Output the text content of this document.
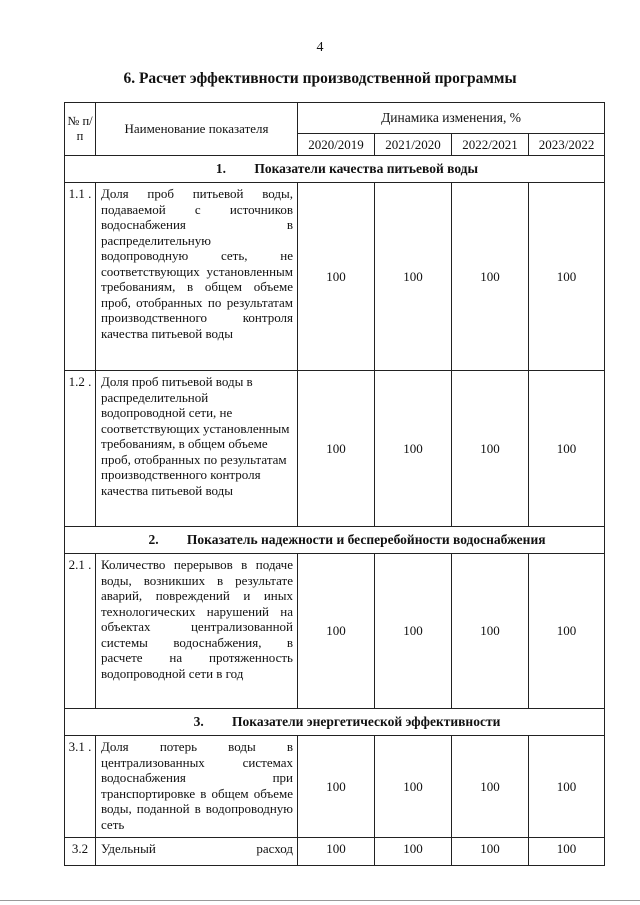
4
6. Расчет эффективности производственной программы
№ п/п	Наименование показателя	Динамика изменения, %			
		2020/2019	2021/2020	2022/2021	2023/2022
1. Показатели качества питьевой воды					
1.1 .	Доля проб питьевой воды, подаваемой с источников водоснабжения в распределительную водопроводную сеть, не соответствующих установленным требованиям, в общем объеме проб, отобранных по результатам производственного контроля качества питьевой воды	100	100	100	100
1.2 .	Доля проб питьевой воды в распределительной водопроводной сети, не соответствующих установленным требованиям, в общем объеме проб, отобранных по результатам производственного контроля качества питьевой воды	100	100	100	100
2. Показатель надежности и бесперебойности водоснабжения					
2.1 .	Количество перерывов в подаче воды, возникших в результате аварий, повреждений и иных технологических нарушений на объектах централизованной системы водоснабжения, в расчете на протяженность водопроводной сети в год	100	100	100	100
3. Показатели энергетической эффективности					
3.1 .	Доля потерь воды в централизованных системах водоснабжения при транспортировке в общем объеме воды, поданной в водопроводную сеть	100	100	100	100
3.2	Удельный расход	100	100	100	100
